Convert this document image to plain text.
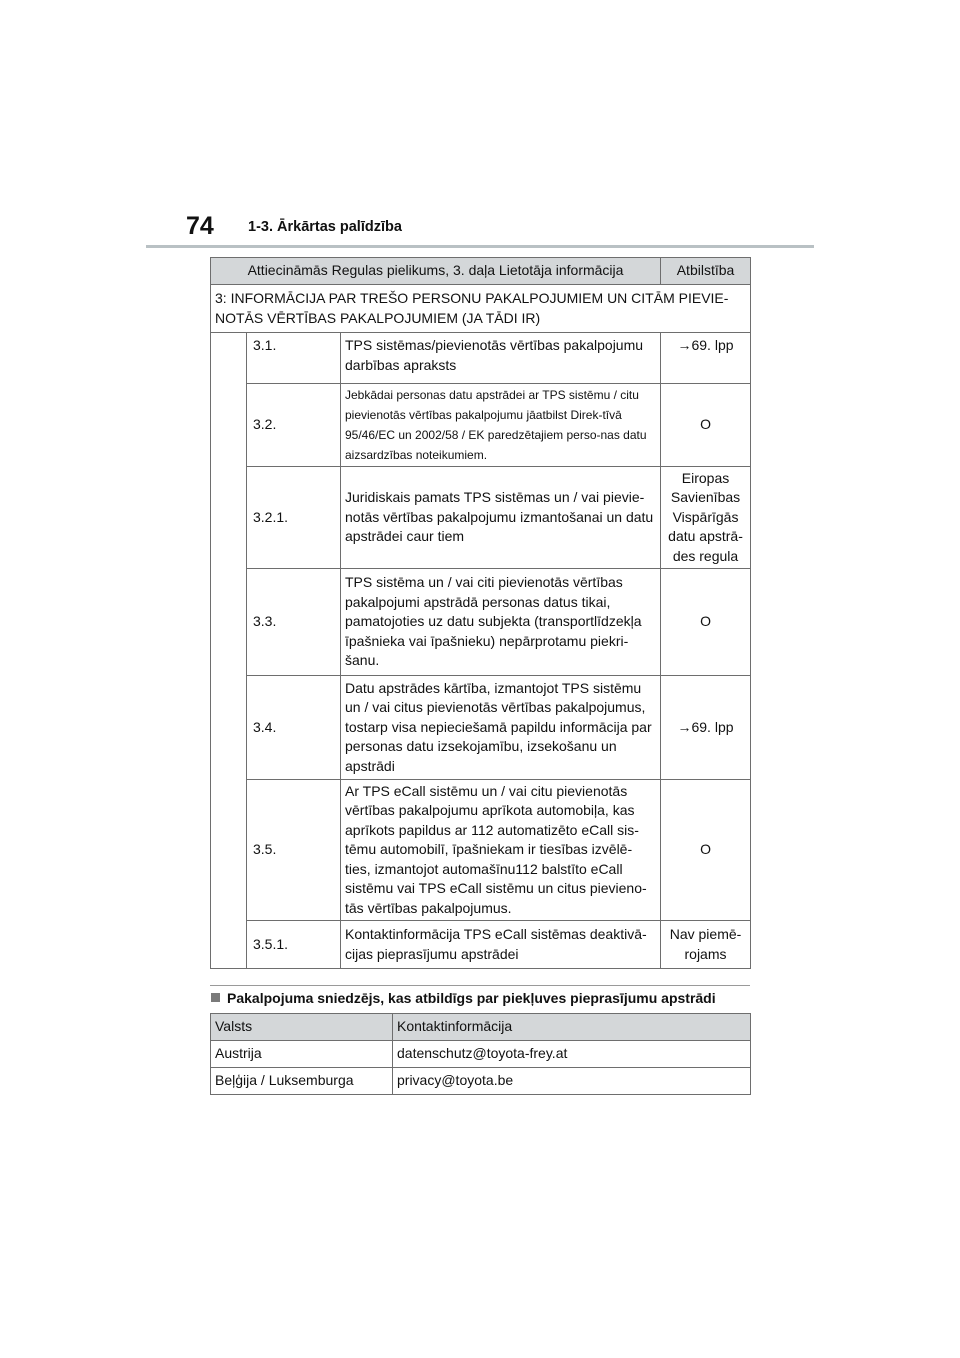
74 1-3. Ārkārtas palīdzība
Attiecināmās Regulas pielikums, 3. daļa Lietotāja informācija			Atbilstība
3: INFORMĀCIJA PAR TREŠO PERSONU PAKALPOJUMIEM UN CITĀM PIEVIE-NOTĀS VĒRTĪBAS PAKALPOJUMIEM (JA TĀDI IR)			
	3.1.	TPS sistēmas/pievienotās vērtības pakalpojumu darbības apraksts	→69. lpp
	3.2.	Jebkādai personas datu apstrādei ar TPS sistēmu / citu pievienotās vērtības pakalpojumu jāatbilst Direk-tīvā 95/46/EC un 2002/58 / EK paredzētajiem perso-nas datu aizsardzības noteikumiem.	O
	3.2.1.	Juridiskais pamats TPS sistēmas un / vai pievie-notās vērtības pakalpojumu izmantošanai un datu apstrādei caur tiem	Eiropas Savienības Vispārīgās datu apstrā-des regula
	3.3.	TPS sistēma un / vai citi pievienotās vērtības pakalpojumi apstrādā personas datus tikai, pamatojoties uz datu subjekta (transportlīdzekļa īpašnieka vai īpašnieku) nepārprotamu piekri-šanu.	O
	3.4.	Datu apstrādes kārtība, izmantojot TPS sistēmu un / vai citus pievienotās vērtības pakalpojumus, tostarp visa nepieciešamā papildu informācija par personas datu izsekojamību, izsekošanu un apstrādi	→69. lpp
	3.5.	Ar TPS eCall sistēmu un / vai citu pievienotās vērtības pakalpojumu aprīkota automobiļa, kas aprīkots papildus ar 112 automatizēto eCall sis-tēmu automobilī, īpašniekam ir tiesības izvēlē-ties, izmantojot automašīnu112 balstīto eCall sistēmu vai TPS eCall sistēmu un citus pievieno-tās vērtības pakalpojumus.	O
	3.5.1.	Kontaktinformācija TPS eCall sistēmas deaktivā-cijas pieprasījumu apstrādei	Nav piemē-rojams
Pakalpojuma sniedzējs, kas atbildīgs par piekļuves pieprasījumu apstrādi
Valsts	Kontaktinformācija
Austrija	datenschutz@toyota-frey.at
Beļģija / Luksemburga	privacy@toyota.be
